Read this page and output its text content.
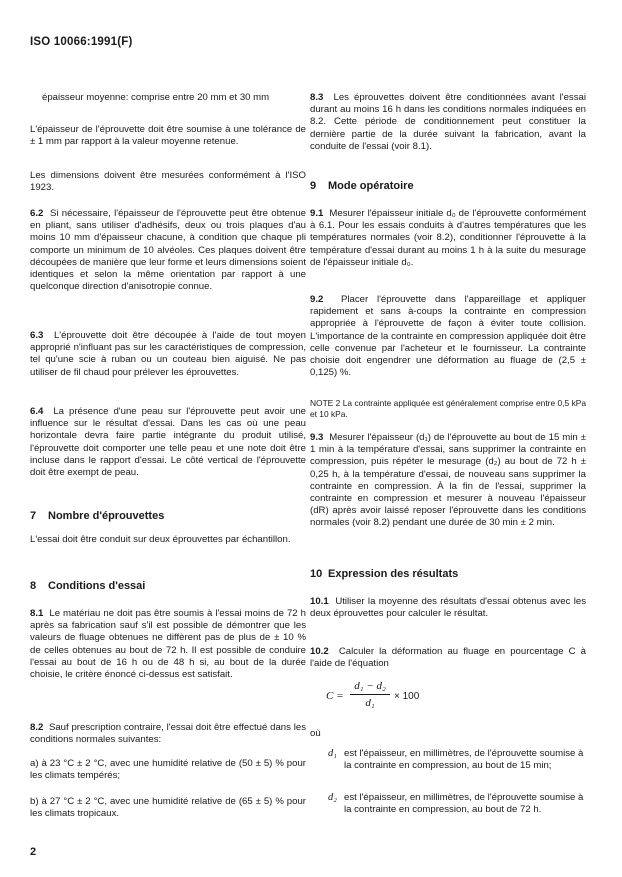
ISO 10066:1991(F)
épaisseur moyenne: comprise entre 20 mm et 30 mm
L'épaisseur de l'éprouvette doit être soumise à une tolérance de ± 1 mm par rapport à la valeur moyenne retenue.
Les dimensions doivent être mesurées conformément à l'ISO 1923.

6.2 Si nécessaire, l'épaisseur de l'éprouvette peut être obtenue en pliant, sans utiliser d'adhésifs, deux ou trois plaques d'au moins 10 mm d'épaisseur chacune, à condition que chaque pli comporte un minimum de 10 alvéoles. Ces plaques doivent être découpées de manière que leur forme et leurs dimensions soient identiques et selon la même orientation par rapport à une quelconque direction d'anisotropie connue.

6.3 L'éprouvette doit être découpée à l'aide de tout moyen approprié n'influant pas sur les caractéristiques de compression, tel qu'une scie à ruban ou un couteau bien aiguisé. Ne pas utiliser de fil chaud pour prélever les éprouvettes.

6.4 La présence d'une peau sur l'éprouvette peut avoir une influence sur le résultat d'essai. Dans les cas où une peau horizontale devra faire partie intégrante du produit utilisé, l'éprouvette doit comporter une telle peau et une note doit être incluse dans le rapport d'essai. Le côté vertical de l'éprouvette doit être exempt de peau.

7 Nombre d'éprouvettes
L'essai doit être conduit sur deux éprouvettes par échantillon.
8 Conditions d'essai

8.1 Le matériau ne doit pas être soumis à l'essai moins de 72 h après sa fabrication sauf s'il est possible de démontrer que les valeurs de fluage obtenues ne diffèrent pas de plus de ± 10 % de celles obtenues au bout de 72 h. Il est possible de conduire l'essai au bout de 16 h ou de 48 h si, au bout de la durée choisie, le critère énoncé ci-dessus est satisfait.

8.2 Sauf prescription contraire, l'essai doit être effectué dans les conditions normales suivantes:

a) à 23 °C ± 2 °C, avec une humidité relative de (50 ± 5) % pour les climats tempérés;
b) à 27 °C ± 2 °C, avec une humidité relative de (65 ± 5) % pour les climats tropicaux.

8.3 Les éprouvettes doivent être conditionnées avant l'essai durant au moins 16 h dans les conditions normales indiquées en 8.2. Cette période de conditionnement peut constituer la dernière partie de la durée suivant la fabrication, avant la conduite de l'essai (voir 8.1).

9 Mode opératoire

9.1 Mesurer l'épaisseur initiale d₀ de l'éprouvette conformément à 6.1. Pour les essais conduits à d'autres températures que les températures normales (voir 8.2), conditionner l'éprouvette à la température d'essai durant au moins 1 h à la suite du mesurage de l'épaisseur initiale d₀.

9.2 Placer l'éprouvette dans l'appareillage et appliquer rapidement et sans à-coups la contrainte en compression appropriée à l'éprouvette de façon à éviter toute collision. L'importance de la contrainte en compression appliquée doit être celle convenue par l'acheteur et le fournisseur. La contrainte choisie doit engendrer une déformation au fluage de (2,5 ± 0,125) %.

NOTE 2 La contrainte appliquée est généralement comprise entre 0,5 kPa et 10 kPa.

9.3 Mesurer l'épaisseur (d₁) de l'éprouvette au bout de 15 min ± 1 min à la température d'essai, sans supprimer la contrainte en compression, puis répéter le mesurage (d₂) au bout de 72 h ± 0,25 h, à la température d'essai, de nouveau sans supprimer la contrainte en compression. À la fin de l'essai, supprimer la contrainte en compression et mesurer à nouveau l'épaisseur (dR) après avoir laissé reposer l'éprouvette dans les conditions normales (voir 8.2) pendant une durée de 30 min ± 2 min.

10 Expression des résultats

10.1 Utiliser la moyenne des résultats d'essai obtenus avec les deux éprouvettes pour calculer le résultat.

10.2 Calculer la déformation au fluage en pourcentage C à l'aide de l'équation

$C = \frac{\text{d₁ − d₂}}{\text{d₁}} \times 100$
où
d₁ est l'épaisseur, en millimètres, de l'éprouvette soumise à la contrainte en compression, au bout de 15 min;
d₂ est l'épaisseur, en millimètres, de l'éprouvette soumise à la contrainte en compression, au bout de 72 h.
2
